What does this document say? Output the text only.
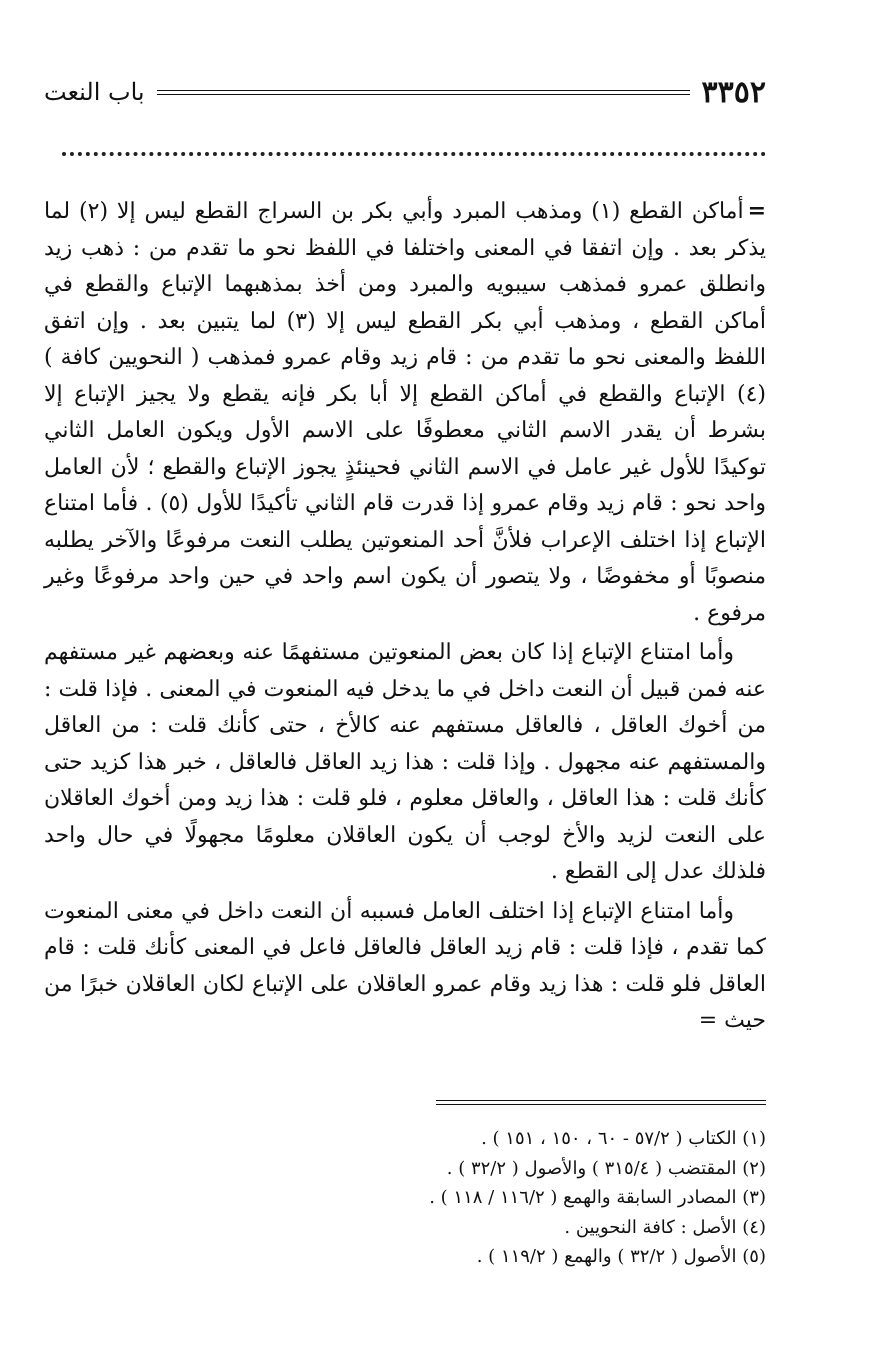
باب النعت	٣٣٥٢

=أماكن القطع (١) ومذهب المبرد وأبي بكر بن السراج القطع ليس إلا (٢) لما يذكر بعد . وإن اتفقا في المعنى واختلفا في اللفظ نحو ما تقدم من : ذهب زيد وانطلق عمرو فمذهب سيبويه والمبرد ومن أخذ بمذهبهما الإتباع والقطع في أماكن القطع ، ومذهب أبي بكر القطع ليس إلا (٣) لما يتبين بعد . وإن اتفق اللفظ والمعنى نحو ما تقدم من : قام زيد وقام عمرو فمذهب ( النحويين كافة ) (٤) الإتباع والقطع في أماكن القطع إلا أبا بكر فإنه يقطع ولا يجيز الإتباع إلا بشرط أن يقدر الاسم الثاني معطوفًا على الاسم الأول ويكون العامل الثاني توكيدًا للأول غير عامل في الاسم الثاني فحينئذٍ يجوز الإتباع والقطع ؛ لأن العامل واحد نحو : قام زيد وقام عمرو إذا قدرت قام الثاني تأكيدًا للأول (٥) . فأما امتناع الإتباع إذا اختلف الإعراب فلأنَّ أحد المنعوتين يطلب النعت مرفوعًا والآخر يطلبه منصوبًا أو مخفوضًا ، ولا يتصور أن يكون اسم واحد في حين واحد مرفوعًا وغير مرفوع .

وأما امتناع الإتباع إذا كان بعض المنعوتين مستفهمًا عنه وبعضهم غير مستفهم عنه فمن قبيل أن النعت داخل في ما يدخل فيه المنعوت في المعنى . فإذا قلت : من أخوك العاقل ، فالعاقل مستفهم عنه كالأخ ، حتى كأنك قلت : من العاقل والمستفهم عنه مجهول . وإذا قلت : هذا زيد العاقل فالعاقل ، خبر هذا كزيد حتى كأنك قلت : هذا العاقل ، والعاقل معلوم ، فلو قلت : هذا زيد ومن أخوك العاقلان على النعت لزيد والأخ لوجب أن يكون العاقلان معلومًا مجهولًا في حال واحد فلذلك عدل إلى القطع .

وأما امتناع الإتباع إذا اختلف العامل فسببه أن النعت داخل في معنى المنعوت كما تقدم ، فإذا قلت : قام زيد العاقل فالعاقل فاعل في المعنى كأنك قلت : قام العاقل فلو قلت : هذا زيد وقام عمرو العاقلان على الإتباع لكان العاقلان خبرًا من حيث =

(١) الكتاب ( ٥٧/٢ - ٦٠ ، ١٥٠ ، ١٥١ ) .
(٢) المقتضب ( ٣١٥/٤ ) والأصول ( ٣٢/٢ ) .
(٣) المصادر السابقة والهمع ( ١١٦/٢ / ١١٨ ) .
(٤) الأصل : كافة النحويين .
(٥) الأصول ( ٣٢/٢ ) والهمع ( ١١٩/٢ ) .
